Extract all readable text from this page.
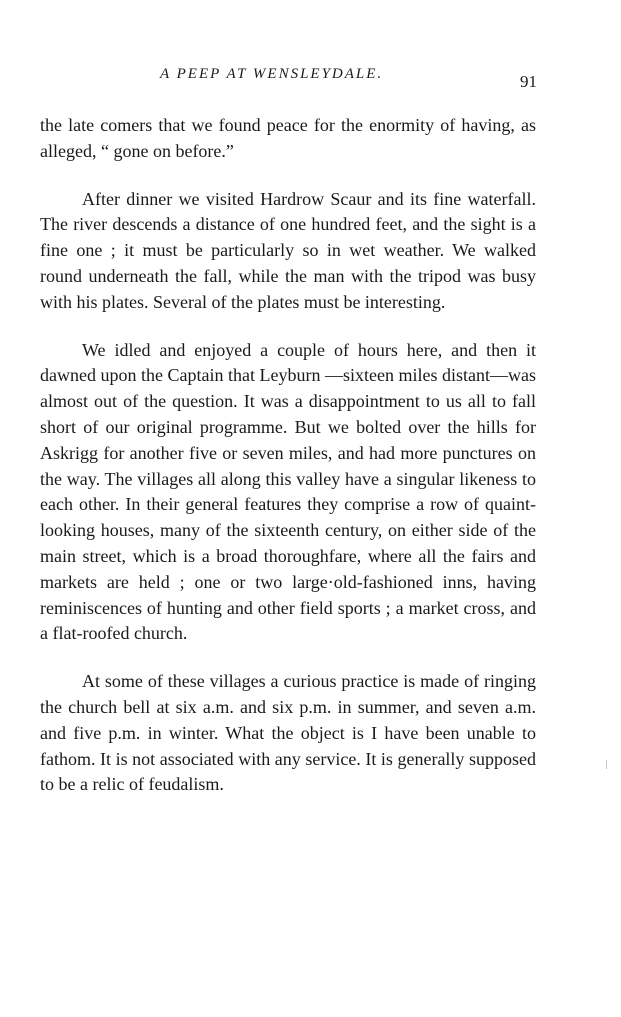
A PEEP AT WENSLEYDALE.	91

the late comers that we found peace for the enormity of having, as alleged, “ gone on before.”

After dinner we visited Hardrow Scaur and its fine waterfall. The river descends a distance of one hundred feet, and the sight is a fine one ; it must be particularly so in wet weather. We walked round underneath the fall, while the man with the tripod was busy with his plates. Several of the plates must be interesting.

We idled and enjoyed a couple of hours here, and then it dawned upon the Captain that Leyburn —sixteen miles distant—was almost out of the question. It was a disappointment to us all to fall short of our original programme. But we bolted over the hills for Askrigg for another five or seven miles, and had more punctures on the way. The villages all along this valley have a singular likeness to each other. In their general features they comprise a row of quaint-looking houses, many of the sixteenth century, on either side of the main street, which is a broad thoroughfare, where all the fairs and markets are held ; one or two large·old-fashioned inns, having reminiscences of hunting and other field sports ; a market cross, and a flat-roofed church.

At some of these villages a curious practice is made of ringing the church bell at six a.m. and six p.m. in summer, and seven a.m. and five p.m. in winter. What the object is I have been unable to fathom. It is not associated with any service. It is generally supposed to be a relic of feudalism.
